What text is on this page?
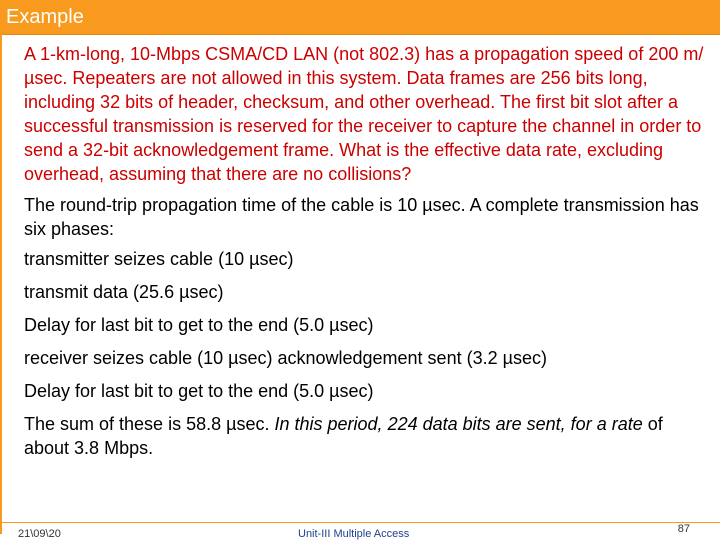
Example

A 1-km-long, 10-Mbps CSMA/CD LAN (not 802.3) has a propagation speed of 200 m/µsec. Repeaters are not allowed in this system. Data frames are 256 bits long, including 32 bits of header, checksum, and other overhead. The first bit slot after a successful transmission is reserved for the receiver to capture the channel in order to send a 32-bit acknowledgement frame. What is the effective data rate, excluding overhead, assuming that there are no collisions?

The round-trip propagation time of the cable is 10 µsec. A complete transmission has six phases:

transmitter seizes cable (10 µsec)

transmit data (25.6 µsec)

Delay for last bit to get to the end (5.0 µsec)

receiver seizes cable (10 µsec) acknowledgement sent (3.2 µsec)

Delay for last bit to get to the end (5.0 µsec)

The sum of these is 58.8 µsec. In this period, 224 data bits are sent, for a rate of about 3.8 Mbps.

21\09\20	Unit-III Multiple Access	87
